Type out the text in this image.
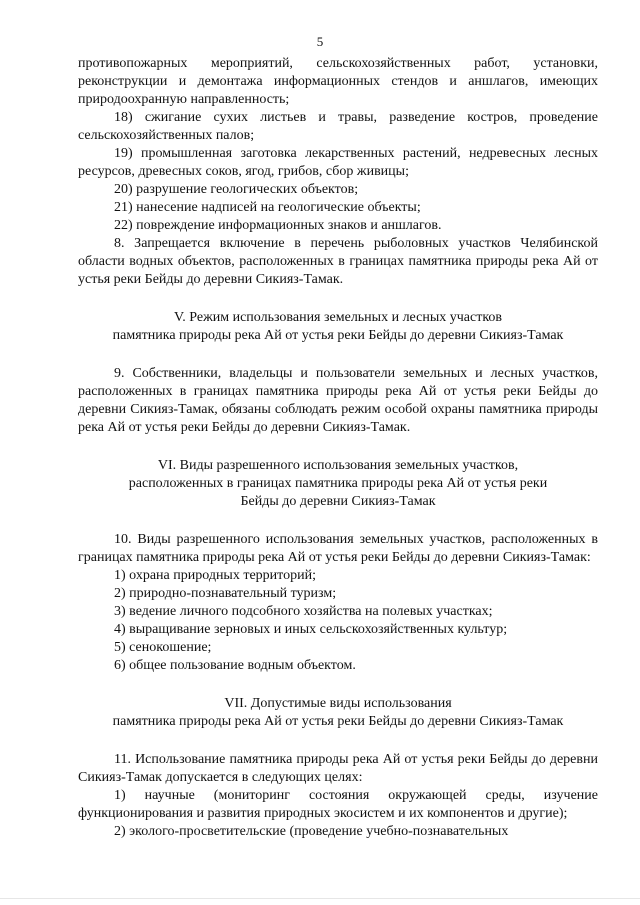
5

противопожарных мероприятий, сельскохозяйственных работ, установки, реконструкции и демонтажа информационных стендов и аншлагов, имеющих природоохранную направленность;

18) сжигание сухих листьев и травы, разведение костров, проведение сельскохозяйственных палов;

19) промышленная заготовка лекарственных растений, недревесных лесных ресурсов, древесных соков, ягод, грибов, сбор живицы;

20) разрушение геологических объектов;

21) нанесение надписей на геологические объекты;

22) повреждение информационных знаков и аншлагов.

8. Запрещается включение в перечень рыболовных участков Челябинской области водных объектов, расположенных в границах памятника природы река Ай от устья реки Бейды до деревни Сикияз-Тамак.

V. Режим использования земельных и лесных участков

памятника природы река Ай от устья реки Бейды до деревни Сикияз-Тамак

9. Собственники, владельцы и пользователи земельных и лесных участков, расположенных в границах памятника природы река Ай от устья реки Бейды до деревни Сикияз-Тамак, обязаны соблюдать режим особой охраны памятника природы река Ай от устья реки Бейды до деревни Сикияз-Тамак.

VI. Виды разрешенного использования земельных участков,

расположенных в границах памятника природы река Ай от устья реки

Бейды до деревни Сикияз-Тамак

10. Виды разрешенного использования земельных участков, расположенных в границах памятника природы река Ай от устья реки Бейды до деревни Сикияз-Тамак:

1) охрана природных территорий;

2) природно-познавательный туризм;

3) ведение личного подсобного хозяйства на полевых участках;

4) выращивание зерновых и иных сельскохозяйственных культур;

5) сенокошение;

6) общее пользование водным объектом.

VII. Допустимые виды использования

памятника природы река Ай от устья реки Бейды до деревни Сикияз-Тамак

11. Использование памятника природы река Ай от устья реки Бейды до деревни Сикияз-Тамак допускается в следующих целях:

1) научные (мониторинг состояния окружающей среды, изучение функционирования и развития природных экосистем и их компонентов и другие);

2) эколого-просветительские (проведение учебно-познавательных
